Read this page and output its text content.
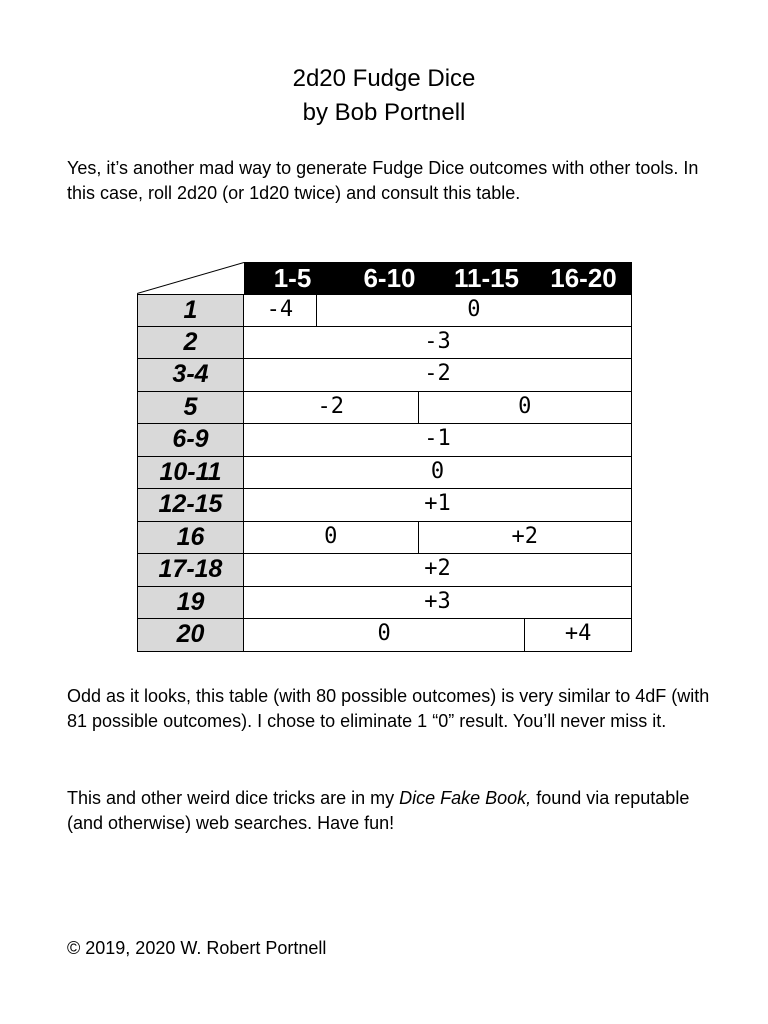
2d20 Fudge Dice
by Bob Portnell
Yes, it’s another mad way to generate Fudge Dice outcomes with other tools. In this case, roll 2d20 (or 1d20 twice) and consult this table.
1-5	6-10	11-15	16-20
1	-4	0
2	-3
3-4	-2
5	-2	0
6-9	-1
10-11	0
12-15	+1
16	0	+2
17-18	+2
19	+3
20	0	+4
Odd as it looks, this table (with 80 possible outcomes) is very similar to 4dF (with 81 possible outcomes). I chose to eliminate 1 “0” result. You’ll never miss it.
This and other weird dice tricks are in my Dice Fake Book, found via reputable (and otherwise) web searches. Have fun!
© 2019, 2020 W. Robert Portnell
